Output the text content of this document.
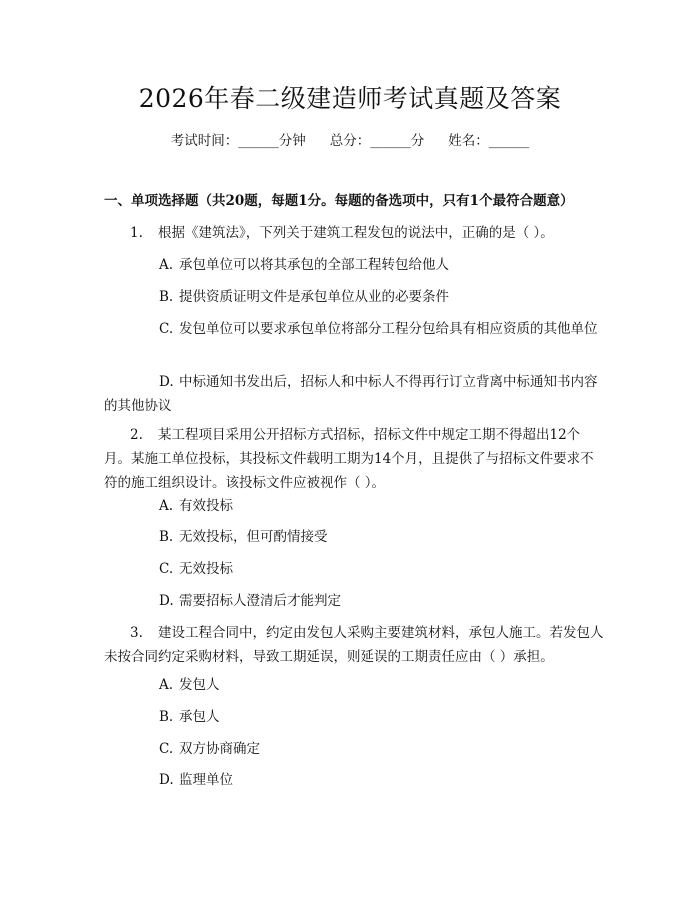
2026年春二级建造师考试真题及答案
考试时间：______分钟 总分：______分 姓名：______
一、单项选择题（共20题，每题1分。每题的备选项中，只有1个最符合题意）
1. 根据《建筑法》，下列关于建筑工程发包的说法中，正确的是（ ）。
A. 承包单位可以将其承包的全部工程转包给他人
B. 提供资质证明文件是承包单位从业的必要条件
C. 发包单位可以要求承包单位将部分工程分包给具有相应资质的其他单位
D. 中标通知书发出后，招标人和中标人不得再行订立背离中标通知书内容的其他协议
2. 某工程项目采用公开招标方式招标，招标文件中规定工期不得超出12个月。某施工单位投标，其投标文件载明工期为14个月，且提供了与招标文件要求不符的施工组织设计。该投标文件应被视作（ ）。
A. 有效投标
B. 无效投标，但可酌情接受
C. 无效投标
D. 需要招标人澄清后才能判定
3. 建设工程合同中，约定由发包人采购主要建筑材料，承包人施工。若发包人未按合同约定采购材料，导致工期延误，则延误的工期责任应由（ ）承担。
A. 发包人
B. 承包人
C. 双方协商确定
D. 监理单位
